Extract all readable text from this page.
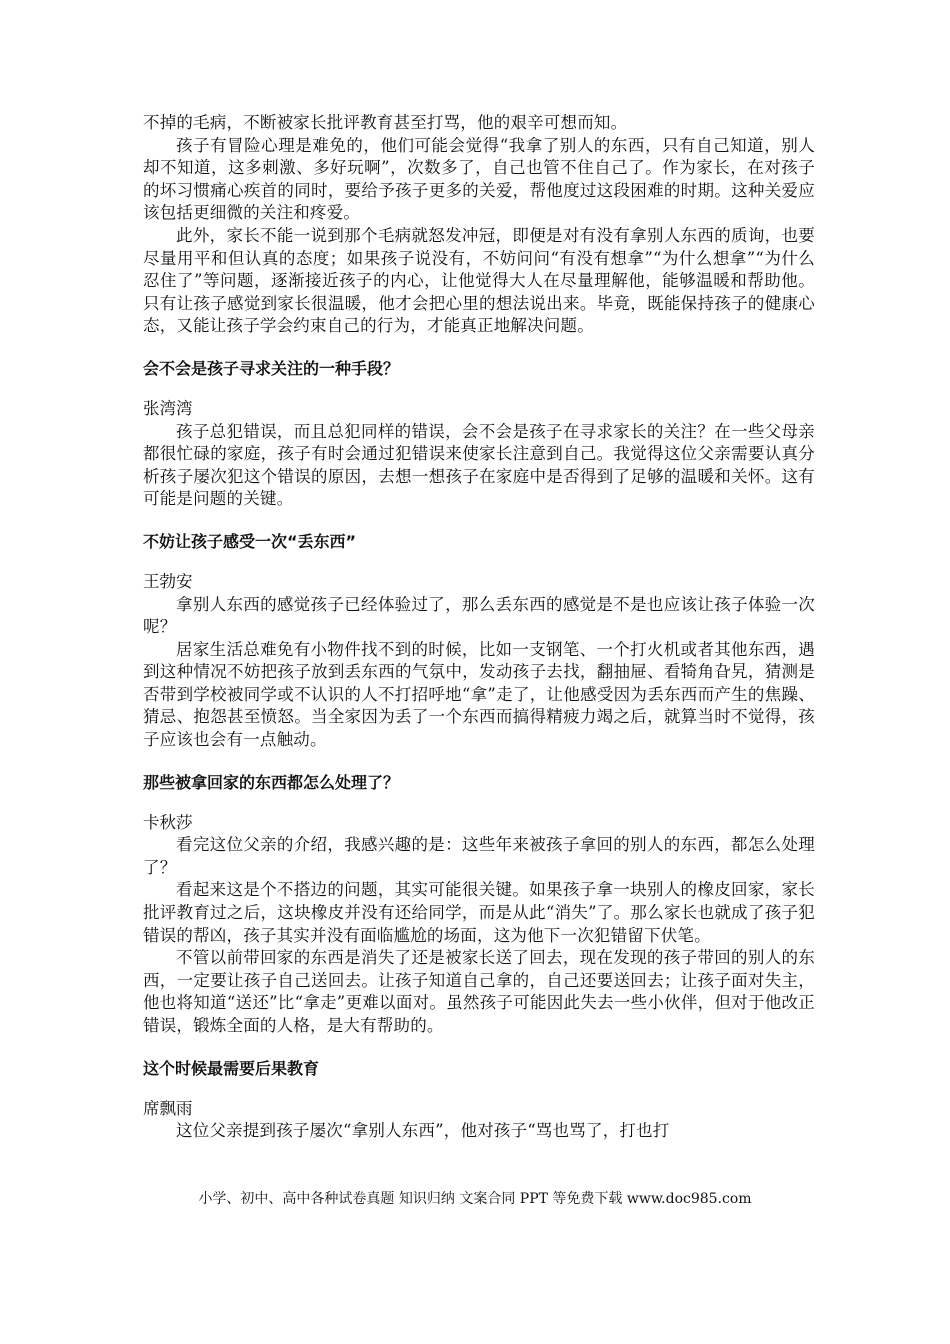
不掉的毛病，不断被家长批评教育甚至打骂，他的艰辛可想而知。

孩子有冒险心理是难免的，他们可能会觉得“我拿了别人的东西，只有自己知道，别人却不知道，这多刺激、多好玩啊”，次数多了，自己也管不住自己了。作为家长，在对孩子的坏习惯痛心疾首的同时，要给予孩子更多的关爱，帮他度过这段困难的时期。这种关爱应该包括更细微的关注和疼爱。

此外，家长不能一说到那个毛病就怒发冲冠，即便是对有没有拿别人东西的质询，也要尽量用平和但认真的态度；如果孩子说没有，不妨问问“有没有想拿”“为什么想拿”“为什么忍住了”等问题，逐渐接近孩子的内心，让他觉得大人在尽量理解他，能够温暖和帮助他。只有让孩子感觉到家长很温暖，他才会把心里的想法说出来。毕竟，既能保持孩子的健康心态，又能让孩子学会约束自己的行为，才能真正地解决问题。

会不会是孩子寻求关注的一种手段？

张湾湾

孩子总犯错误，而且总犯同样的错误，会不会是孩子在寻求家长的关注？在一些父母亲都很忙碌的家庭，孩子有时会通过犯错误来使家长注意到自己。我觉得这位父亲需要认真分析孩子屡次犯这个错误的原因，去想一想孩子在家庭中是否得到了足够的温暖和关怀。这有可能是问题的关键。

不妨让孩子感受一次“丢东西”

王勃安

拿别人东西的感觉孩子已经体验过了，那么丢东西的感觉是不是也应该让孩子体验一次呢？

居家生活总难免有小物件找不到的时候，比如一支钢笔、一个打火机或者其他东西，遇到这种情况不妨把孩子放到丢东西的气氛中，发动孩子去找，翻抽屉、看犄角旮旯，猜测是否带到学校被同学或不认识的人不打招呼地“拿”走了，让他感受因为丢东西而产生的焦躁、猜忌、抱怨甚至愤怒。当全家因为丢了一个东西而搞得精疲力竭之后，就算当时不觉得，孩子应该也会有一点触动。

那些被拿回家的东西都怎么处理了？

卡秋莎

看完这位父亲的介绍，我感兴趣的是：这些年来被孩子拿回的别人的东西，都怎么处理了？

看起来这是个不搭边的问题，其实可能很关键。如果孩子拿一块别人的橡皮回家，家长批评教育过之后，这块橡皮并没有还给同学，而是从此“消失”了。那么家长也就成了孩子犯错误的帮凶，孩子其实并没有面临尴尬的场面，这为他下一次犯错留下伏笔。

不管以前带回家的东西是消失了还是被家长送了回去，现在发现的孩子带回的别人的东西，一定要让孩子自己送回去。让孩子知道自己拿的，自己还要送回去；让孩子面对失主，他也将知道“送还”比“拿走”更难以面对。虽然孩子可能因此失去一些小伙伴，但对于他改正错误，锻炼全面的人格，是大有帮助的。

这个时候最需要后果教育

席飘雨

这位父亲提到孩子屡次“拿别人东西”，他对孩子“骂也骂了，打也打

小学、初中、高中各种试卷真题 知识归纳 文案合同 PPT 等免费下载 www.doc985.com
